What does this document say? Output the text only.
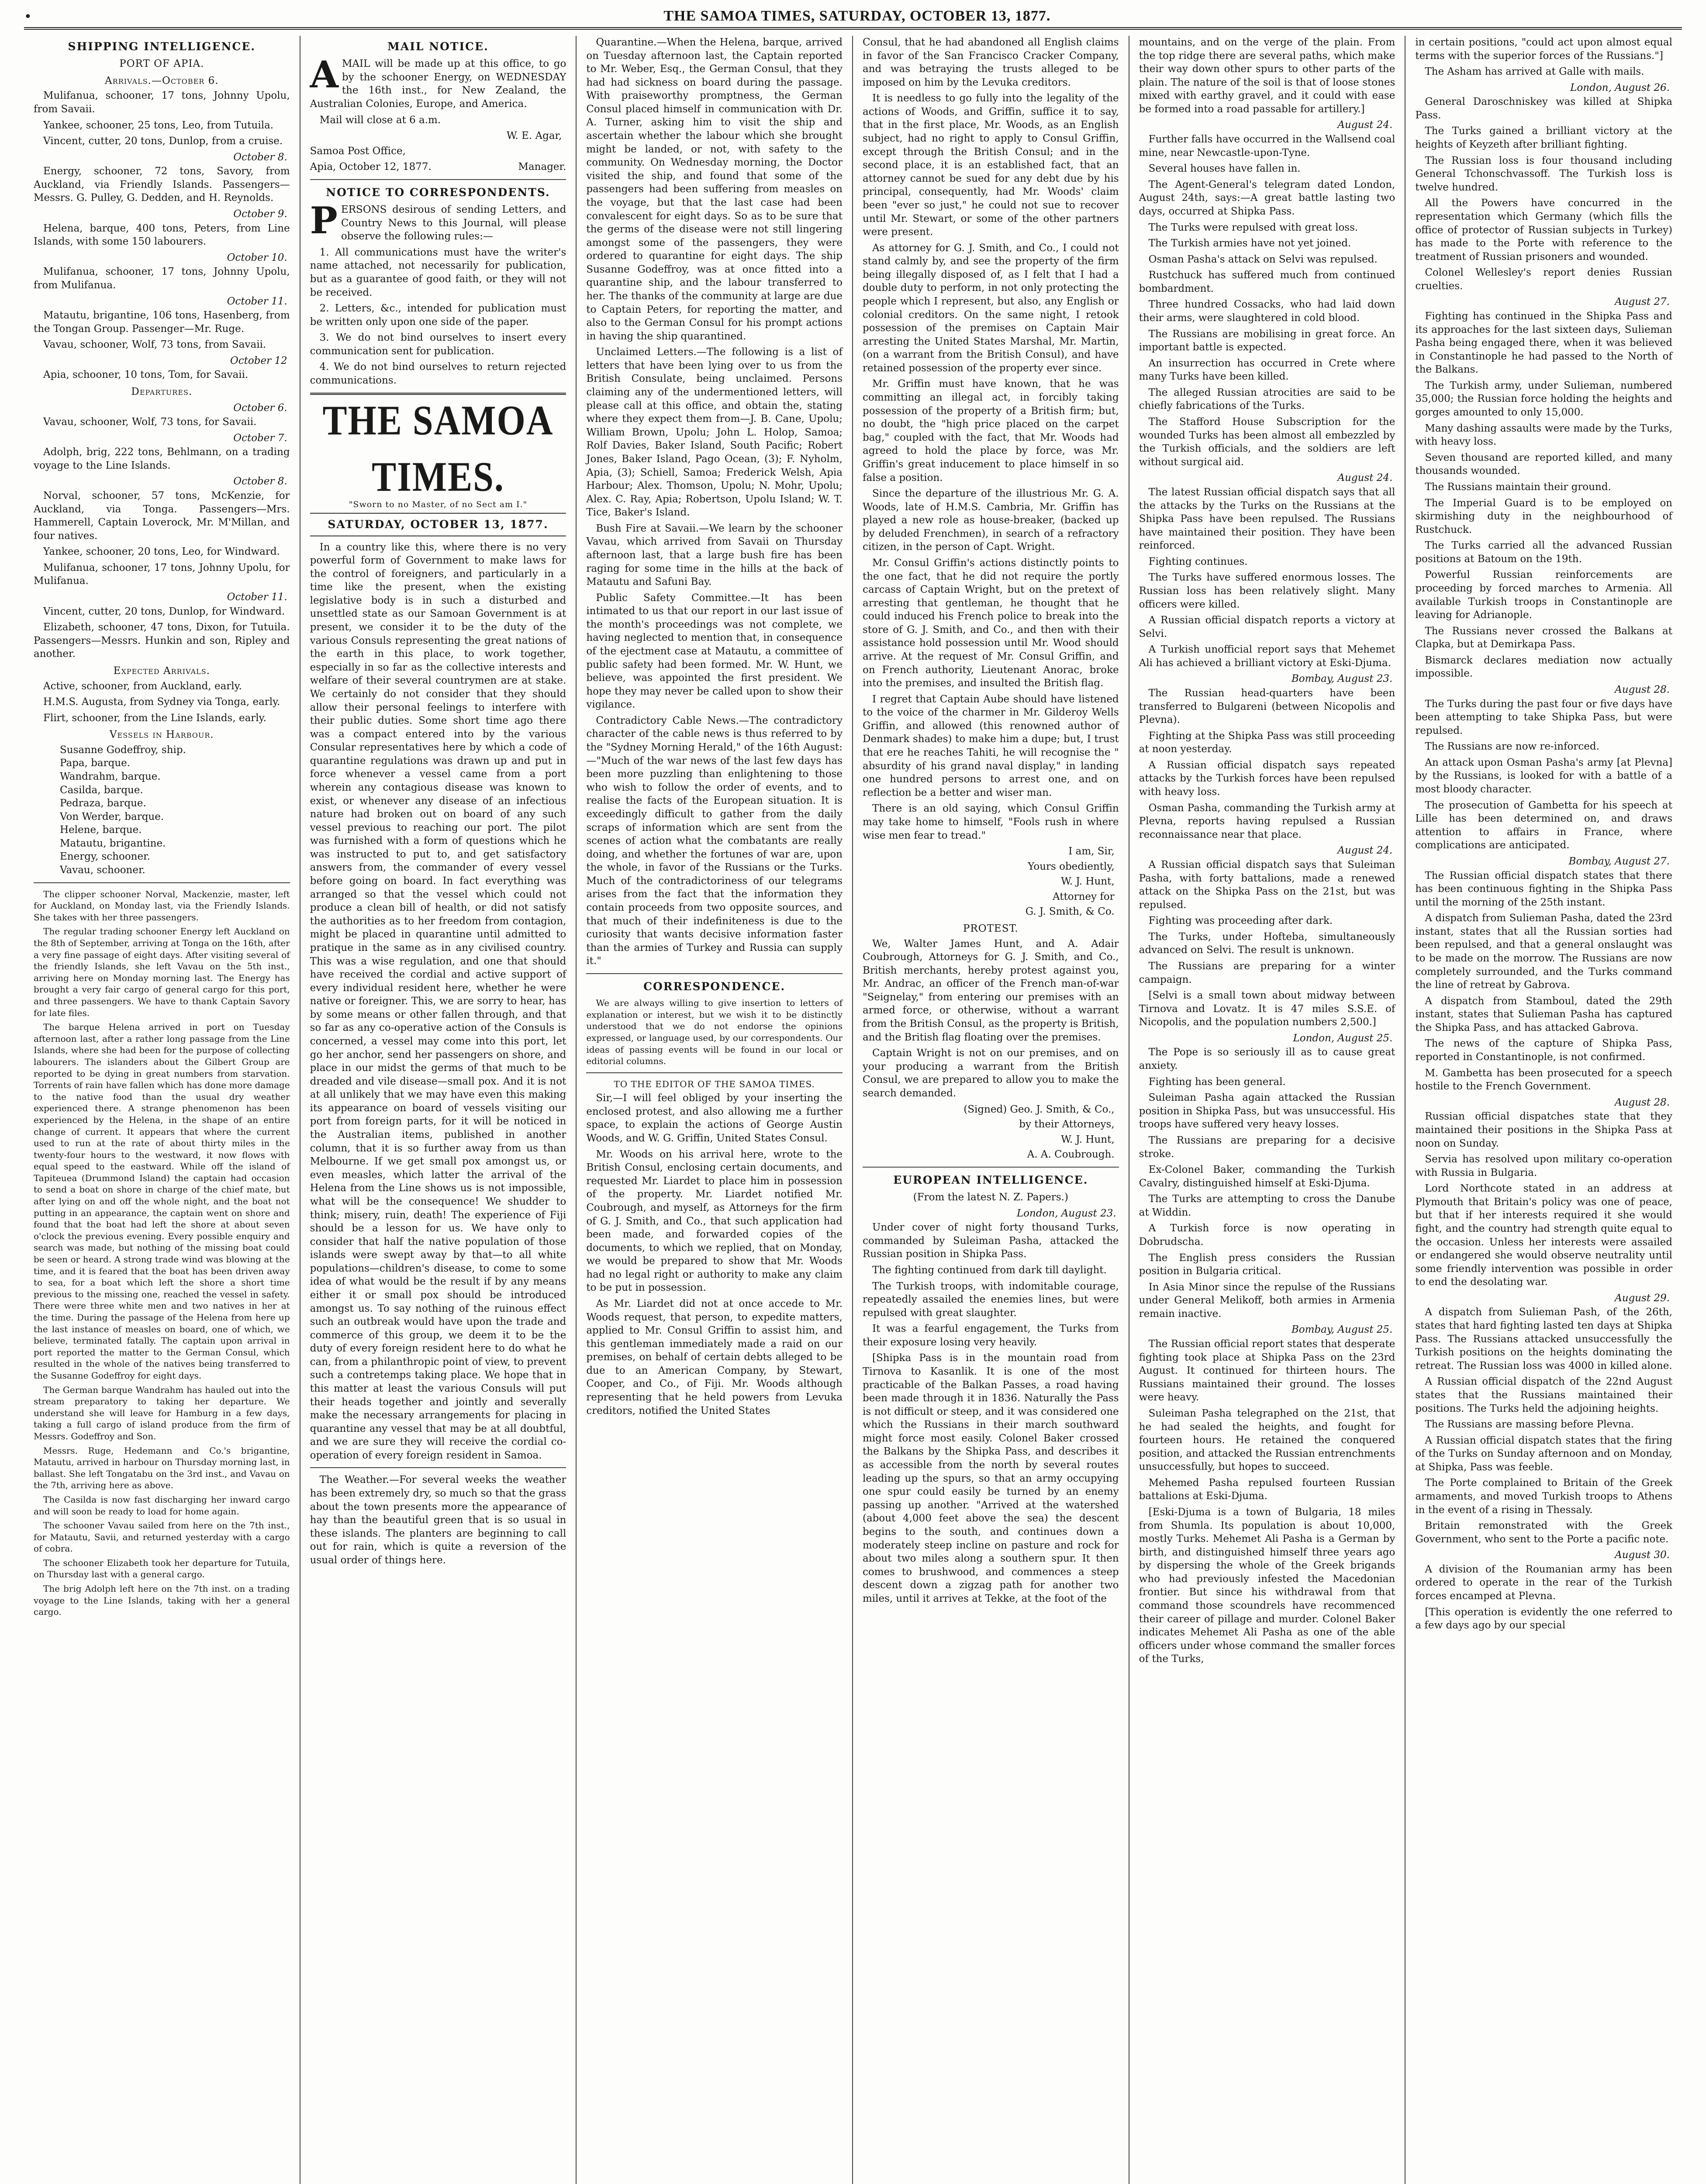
•	THE SAMOA TIMES, SATURDAY, OCTOBER 13, 1877.
SHIPPING INTELLIGENCE.
PORT OF APIA.
Arrivals.—October 6.

Mulifanua, schooner, 17 tons, Johnny Upolu, from Savaii.

Yankee, schooner, 25 tons, Leo, from Tutuila.

Vincent, cutter, 20 tons, Dunlop, from a cruise.

October 8.

Energy, schooner, 72 tons, Savory, from Auckland, via Friendly Islands. Passengers—Messrs. G. Pulley, G. Dedden, and H. Reynolds.

October 9.

Helena, barque, 400 tons, Peters, from Line Islands, with some 150 labourers.

October 10.

Mulifanua, schooner, 17 tons, Johnny Upolu, from Mulifanua.

October 11.

Matautu, brigantine, 106 tons, Hasenberg, from the Tongan Group. Passenger—Mr. Ruge.

Vavau, schooner, Wolf, 73 tons, from Savaii.

October 12

Apia, schooner, 10 tons, Tom, for Savaii.

Departures.
October 6.

Vavau, schooner, Wolf, 73 tons, for Savaii.

October 7.

Adolph, brig, 222 tons, Behlmann, on a trading voyage to the Line Islands.

October 8.

Norval, schooner, 57 tons, McKenzie, for Auckland, via Tonga. Passengers—Mrs. Hammerell, Captain Loverock, Mr. M'Millan, and four natives.

Yankee, schooner, 20 tons, Leo, for Windward.

Mulifanua, schooner, 17 tons, Johnny Upolu, for Mulifanua.

October 11.

Vincent, cutter, 20 tons, Dunlop, for Windward.

Elizabeth, schooner, 47 tons, Dixon, for Tutuila. Passengers—Messrs. Hunkin and son, Ripley and another.

Expected Arrivals.

Active, schooner, from Auckland, early.

H.M.S. Augusta, from Sydney via Tonga, early.

Flirt, schooner, from the Line Islands, early.

Vessels in Harbour.
Susanne Godeffroy, ship.
Papa, barque.
Wandrahm, barque.
Casilda, barque.
Pedraza, barque.
Von Werder, barque.
Helene, barque.
Matautu, brigantine.
Energy, schooner.
Vavau, schooner.

The clipper schooner Norval, Mackenzie, master, left for Auckland, on Monday last, via the Friendly Islands. She takes with her three passengers.

The regular trading schooner Energy left Auckland on the 8th of September, arriving at Tonga on the 16th, after a very fine passage of eight days. After visiting several of the friendly Islands, she left Vavau on the 5th inst., arriving here on Monday morning last. The Energy has brought a very fair cargo of general cargo for this port, and three passengers. We have to thank Captain Savory for late files.

The barque Helena arrived in port on Tuesday afternoon last, after a rather long passage from the Line Islands, where she had been for the purpose of collecting labourers. The islanders about the Gilbert Group are reported to be dying in great numbers from starvation. Torrents of rain have fallen which has done more damage to the native food than the usual dry weather experienced there. A strange phenomenon has been experienced by the Helena, in the shape of an entire change of current. It appears that where the current used to run at the rate of about thirty miles in the twenty-four hours to the westward, it now flows with equal speed to the eastward. While off the island of Tapiteuea (Drummond Island) the captain had occasion to send a boat on shore in charge of the chief mate, but after lying on and off the whole night, and the boat not putting in an appearance, the captain went on shore and found that the boat had left the shore at about seven o'clock the previous evening. Every possible enquiry and search was made, but nothing of the missing boat could be seen or heard. A strong trade wind was blowing at the time, and it is feared that the boat has been driven away to sea, for a boat which left the shore a short time previous to the missing one, reached the vessel in safety. There were three white men and two natives in her at the time. During the passage of the Helena from here up the last instance of measles on board, one of which, we believe, terminated fatally. The captain upon arrival in port reported the matter to the German Consul, which resulted in the whole of the natives being transferred to the Susanne Godeffroy for eight days.

The German barque Wandrahm has hauled out into the stream preparatory to taking her departure. We understand she will leave for Hamburg in a few days, taking a full cargo of island produce from the firm of Messrs. Godeffroy and Son.

Messrs. Ruge, Hedemann and Co.'s brigantine, Matautu, arrived in harbour on Thursday morning last, in ballast. She left Tongatabu on the 3rd inst., and Vavau on the 7th, arriving here as above.

The Casilda is now fast discharging her inward cargo and will soon be ready to load for home again.

The schooner Vavau sailed from here on the 7th inst., for Matautu, Savii, and returned yesterday with a cargo of cobra.

The schooner Elizabeth took her departure for Tutuila, on Thursday last with a general cargo.

The brig Adolph left here on the 7th inst. on a trading voyage to the Line Islands, taking with her a general cargo.

MAIL NOTICE.

AMAIL will be made up at this office, to go by the schooner Energy, on WEDNESDAY the 16th inst., for New Zealand, the Australian Colonies, Europe, and America.

Mail will close at 6 a.m.

W. E. Agar,

Samoa Post Office,

Apia, October 12, 1877.	Manager.

NOTICE TO CORRESPONDENTS.

PERSONS desirous of sending Letters, and Country News to this Journal, will please observe the following rules:—

1. All communications must have the writer's name attached, not necessarily for publication, but as a guarantee of good faith, or they will not be received.

2. Letters, &c., intended for publication must be written only upon one side of the paper.

3. We do not bind ourselves to insert every communication sent for publication.

4. We do not bind ourselves to return rejected communications.

THE SAMOA TIMES.
"Sworn to no Master, of no Sect am I."
SATURDAY, OCTOBER 13, 1877.

In a country like this, where there is no very powerful form of Government to make laws for the control of foreigners, and particularly in a time like the present, when the existing legislative body is in such a disturbed and unsettled state as our Samoan Government is at present, we consider it to be the duty of the various Consuls representing the great nations of the earth in this place, to work together, especially in so far as the collective interests and welfare of their several countrymen are at stake. We certainly do not consider that they should allow their personal feelings to interfere with their public duties. Some short time ago there was a compact entered into by the various Consular representatives here by which a code of quarantine regulations was drawn up and put in force whenever a vessel came from a port wherein any contagious disease was known to exist, or whenever any disease of an infectious nature had broken out on board of any such vessel previous to reaching our port. The pilot was furnished with a form of questions which he was instructed to put to, and get satisfactory answers from, the commander of every vessel before going on board. In fact everything was arranged so that the vessel which could not produce a clean bill of health, or did not satisfy the authorities as to her freedom from contagion, might be placed in quarantine until admitted to pratique in the same as in any civilised country. This was a wise regulation, and one that should have received the cordial and active support of every individual resident here, whether he were native or foreigner. This, we are sorry to hear, has by some means or other fallen through, and that so far as any co-operative action of the Consuls is concerned, a vessel may come into this port, let go her anchor, send her passengers on shore, and place in our midst the germs of that much to be dreaded and vile disease—small pox. And it is not at all unlikely that we may have even this making its appearance on board of vessels visiting our port from foreign parts, for it will be noticed in the Australian items, published in another column, that it is so further away from us than Melbourne. If we get small pox amongst us, or even measles, which latter the arrival of the Helena from the Line shows us is not impossible, what will be the consequence! We shudder to think; misery, ruin, death! The experience of Fiji should be a lesson for us. We have only to consider that half the native population of those islands were swept away by that—to all white populations—children's disease, to come to some idea of what would be the result if by any means either it or small pox should be introduced amongst us. To say nothing of the ruinous effect such an outbreak would have upon the trade and commerce of this group, we deem it to be the duty of every foreign resident here to do what he can, from a philanthropic point of view, to prevent such a contretemps taking place. We hope that in this matter at least the various Consuls will put their heads together and jointly and severally make the necessary arrangements for placing in quarantine any vessel that may be at all doubtful, and we are sure they will receive the cordial co-operation of every foreign resident in Samoa.

The Weather.—For several weeks the weather has been extremely dry, so much so that the grass about the town presents more the appearance of hay than the beautiful green that is so usual in these islands. The planters are beginning to call out for rain, which is quite a reversion of the usual order of things here.

Quarantine.—When the Helena, barque, arrived on Tuesday afternoon last, the Captain reported to Mr. Weber, Esq., the German Consul, that they had had sickness on board during the passage. With praiseworthy promptness, the German Consul placed himself in communication with Dr. A. Turner, asking him to visit the ship and ascertain whether the labour which she brought might be landed, or not, with safety to the community. On Wednesday morning, the Doctor visited the ship, and found that some of the passengers had been suffering from measles on the voyage, but that the last case had been convalescent for eight days. So as to be sure that the germs of the disease were not still lingering amongst some of the passengers, they were ordered to quarantine for eight days. The ship Susanne Godeffroy, was at once fitted into a quarantine ship, and the labour transferred to her. The thanks of the community at large are due to Captain Peters, for reporting the matter, and also to the German Consul for his prompt actions in having the ship quarantined.

Unclaimed Letters.—The following is a list of letters that have been lying over to us from the British Consulate, being unclaimed. Persons claiming any of the undermentioned letters, will please call at this office, and obtain the, stating where they expect them from—J. B. Cane, Upolu; William Brown, Upolu; John L. Holop, Samoa; Rolf Davies, Baker Island, South Pacific; Robert Jones, Baker Island, Pago Ocean, (3); F. Nyholm, Apia, (3); Schiell, Samoa; Frederick Welsh, Apia Harbour; Alex. Thomson, Upolu; N. Mohr, Upolu; Alex. C. Ray, Apia; Robertson, Upolu Island; W. T. Tice, Baker's Island.

Bush Fire at Savaii.—We learn by the schooner Vavau, which arrived from Savaii on Thursday afternoon last, that a large bush fire has been raging for some time in the hills at the back of Matautu and Safuni Bay.

Public Safety Committee.—It has been intimated to us that our report in our last issue of the month's proceedings was not complete, we having neglected to mention that, in consequence of the ejectment case at Matautu, a committee of public safety had been formed. Mr. W. Hunt, we believe, was appointed the first president. We hope they may never be called upon to show their vigilance.

Contradictory Cable News.—The contradictory character of the cable news is thus referred to by the "Sydney Morning Herald," of the 16th August:—"Much of the war news of the last few days has been more puzzling than enlightening to those who wish to follow the order of events, and to realise the facts of the European situation. It is exceedingly difficult to gather from the daily scraps of information which are sent from the scenes of action what the combatants are really doing, and whether the fortunes of war are, upon the whole, in favor of the Russians or the Turks. Much of the contradictoriness of our telegrams arises from the fact that the information they contain proceeds from two opposite sources, and that much of their indefiniteness is due to the curiosity that wants decisive information faster than the armies of Turkey and Russia can supply it."

CORRESPONDENCE.

We are always willing to give insertion to letters of explanation or interest, but we wish it to be distinctly understood that we do not endorse the opinions expressed, or language used, by our correspondents. Our ideas of passing events will be found in our local or editorial columns.

TO THE EDITOR OF THE SAMOA TIMES.

Sir,—I will feel obliged by your inserting the enclosed protest, and also allowing me a further space, to explain the actions of George Austin Woods, and W. G. Griffin, United States Consul.

Mr. Woods on his arrival here, wrote to the British Consul, enclosing certain documents, and requested Mr. Liardet to place him in possession of the property. Mr. Liardet notified Mr. Coubrough, and myself, as Attorneys for the firm of G. J. Smith, and Co., that such application had been made, and forwarded copies of the documents, to which we replied, that on Monday, we would be prepared to show that Mr. Woods had no legal right or authority to make any claim to be put in possession.

As Mr. Liardet did not at once accede to Mr. Woods request, that person, to expedite matters, applied to Mr. Consul Griffin to assist him, and this gentleman immediately made a raid on our premises, on behalf of certain debts alleged to be due to an American Company, by Stewart, Cooper, and Co., of Fiji. Mr. Woods although representing that he held powers from Levuka creditors, notified the United States

Consul, that he had abandoned all English claims in favor of the San Francisco Cracker Company, and was betraying the trusts alleged to be imposed on him by the Levuka creditors.

It is needless to go fully into the legality of the actions of Woods, and Griffin, suffice it to say, that in the first place, Mr. Woods, as an English subject, had no right to apply to Consul Griffin, except through the British Consul; and in the second place, it is an established fact, that an attorney cannot be sued for any debt due by his principal, consequently, had Mr. Woods' claim been "ever so just," he could not sue to recover until Mr. Stewart, or some of the other partners were present.

As attorney for G. J. Smith, and Co., I could not stand calmly by, and see the property of the firm being illegally disposed of, as I felt that I had a double duty to perform, in not only protecting the people which I represent, but also, any English or colonial creditors. On the same night, I retook possession of the premises on Captain Mair arresting the United States Marshal, Mr. Martin, (on a warrant from the British Consul), and have retained possession of the property ever since.

Mr. Griffin must have known, that he was committing an illegal act, in forcibly taking possession of the property of a British firm; but, no doubt, the "high price placed on the carpet bag," coupled with the fact, that Mr. Woods had agreed to hold the place by force, was Mr. Griffin's great inducement to place himself in so false a position.

Since the departure of the illustrious Mr. G. A. Woods, late of H.M.S. Cambria, Mr. Griffin has played a new role as house-breaker, (backed up by deluded Frenchmen), in search of a refractory citizen, in the person of Capt. Wright.

Mr. Consul Griffin's actions distinctly points to the one fact, that he did not require the portly carcass of Captain Wright, but on the pretext of arresting that gentleman, he thought that he could induced his French police to break into the store of G. J. Smith, and Co., and then with their assistance hold possession until Mr. Wood should arrive. At the request of Mr. Consul Griffin, and on French authority, Lieutenant Anorac, broke into the premises, and insulted the British flag.

I regret that Captain Aube should have listened to the voice of the charmer in Mr. Gilderoy Wells Griffin, and allowed (this renowned author of Denmark shades) to make him a dupe; but, I trust that ere he reaches Tahiti, he will recognise the " absurdity of his grand naval display," in landing one hundred persons to arrest one, and on reflection be a better and wiser man.

There is an old saying, which Consul Griffin may take home to himself, "Fools rush in where wise men fear to tread."

I am, Sir,
Yours obediently,
W. J. Hunt,
Attorney for
G. J. Smith, & Co.
PROTEST.

We, Walter James Hunt, and A. Adair Coubrough, Attorneys for G. J. Smith, and Co., British merchants, hereby protest against you, Mr. Andrac, an officer of the French man-of-war "Seignelay," from entering our premises with an armed force, or otherwise, without a warrant from the British Consul, as the property is British, and the British flag floating over the premises.

Captain Wright is not on our premises, and on your producing a warrant from the British Consul, we are prepared to allow you to make the search demanded.

(Signed) Geo. J. Smith, & Co.,
by their Attorneys,
W. J. Hunt,
A. A. Coubrough.
EUROPEAN INTELLIGENCE.
(From the latest N. Z. Papers.)
London, August 23.

Under cover of night forty thousand Turks, commanded by Suleiman Pasha, attacked the Russian position in Shipka Pass.

The fighting continued from dark till daylight.

The Turkish troops, with indomitable courage, repeatedly assailed the enemies lines, but were repulsed with great slaughter.

It was a fearful engagement, the Turks from their exposure losing very heavily.

[Shipka Pass is in the mountain road from Tirnova to Kasanlik. It is one of the most practicable of the Balkan Passes, a road having been made through it in 1836. Naturally the Pass is not difficult or steep, and it was considered one which the Russians in their march southward might force most easily. Colonel Baker crossed the Balkans by the Shipka Pass, and describes it as accessible from the north by several routes leading up the spurs, so that an army occupying one spur could easily be turned by an enemy passing up another. "Arrived at the watershed (about 4,000 feet above the sea) the descent begins to the south, and continues down a moderately steep incline on pasture and rock for about two miles along a southern spur. It then comes to brushwood, and commences a steep descent down a zigzag path for another two miles, until it arrives at Tekke, at the foot of the

mountains, and on the verge of the plain. From the top ridge there are several paths, which make their way down other spurs to other parts of the plain. The nature of the soil is that of loose stones mixed with earthy gravel, and it could with ease be formed into a road passable for artillery.]

August 24.

Further falls have occurred in the Wallsend coal mine, near Newcastle-upon-Tyne.

Several houses have fallen in.

The Agent-General's telegram dated London, August 24th, says:—A great battle lasting two days, occurred at Shipka Pass.

The Turks were repulsed with great loss.

The Turkish armies have not yet joined.

Osman Pasha's attack on Selvi was repulsed.

Rustchuck has suffered much from continued bombardment.

Three hundred Cossacks, who had laid down their arms, were slaughtered in cold blood.

The Russians are mobilising in great force. An important battle is expected.

An insurrection has occurred in Crete where many Turks have been killed.

The alleged Russian atrocities are said to be chiefly fabrications of the Turks.

The Stafford House Subscription for the wounded Turks has been almost all embezzled by the Turkish officials, and the soldiers are left without surgical aid.

August 24.

The latest Russian official dispatch says that all the attacks by the Turks on the Russians at the Shipka Pass have been repulsed. The Russians have maintained their position. They have been reinforced.

Fighting continues.

The Turks have suffered enormous losses. The Russian loss has been relatively slight. Many officers were killed.

A Russian official dispatch reports a victory at Selvi.

A Turkish unofficial report says that Mehemet Ali has achieved a brilliant victory at Eski-Djuma.

Bombay, August 23.

The Russian head-quarters have been transferred to Bulgareni (between Nicopolis and Plevna).

Fighting at the Shipka Pass was still proceeding at noon yesterday.

A Russian official dispatch says repeated attacks by the Turkish forces have been repulsed with heavy loss.

Osman Pasha, commanding the Turkish army at Plevna, reports having repulsed a Russian reconnaissance near that place.

August 24.

A Russian official dispatch says that Suleiman Pasha, with forty battalions, made a renewed attack on the Shipka Pass on the 21st, but was repulsed.

Fighting was proceeding after dark.

The Turks, under Hofteba, simultaneously advanced on Selvi. The result is unknown.

The Russians are preparing for a winter campaign.

[Selvi is a small town about midway between Tirnova and Lovatz. It is 47 miles S.S.E. of Nicopolis, and the population numbers 2,500.]

London, August 25.

The Pope is so seriously ill as to cause great anxiety.

Fighting has been general.

Suleiman Pasha again attacked the Russian position in Shipka Pass, but was unsuccessful. His troops have suffered very heavy losses.

The Russians are preparing for a decisive stroke.

Ex-Colonel Baker, commanding the Turkish Cavalry, distinguished himself at Eski-Djuma.

The Turks are attempting to cross the Danube at Widdin.

A Turkish force is now operating in Dobrudscha.

The English press considers the Russian position in Bulgaria critical.

In Asia Minor since the repulse of the Russians under General Melikoff, both armies in Armenia remain inactive.

Bombay, August 25.

The Russian official report states that desperate fighting took place at Shipka Pass on the 23rd August. It continued for thirteen hours. The Russians maintained their ground. The losses were heavy.

Suleiman Pasha telegraphed on the 21st, that he had sealed the heights, and fought for fourteen hours. He retained the conquered position, and attacked the Russian entrenchments unsuccessfully, but hopes to succeed.

Mehemed Pasha repulsed fourteen Russian battalions at Eski-Djuma.

[Eski-Djuma is a town of Bulgaria, 18 miles from Shumla. Its population is about 10,000, mostly Turks. Mehemet Ali Pasha is a German by birth, and distinguished himself three years ago by dispersing the whole of the Greek brigands who had previously infested the Macedonian frontier. But since his withdrawal from that command those scoundrels have recommenced their career of pillage and murder. Colonel Baker indicates Mehemet Ali Pasha as one of the able officers under whose command the smaller forces of the Turks,

in certain positions, "could act upon almost equal terms with the superior forces of the Russians."]

The Asham has arrived at Galle with mails.

London, August 26.

General Daroschniskey was killed at Shipka Pass.

The Turks gained a brilliant victory at the heights of Keyzeth after brilliant fighting.

The Russian loss is four thousand including General Tchonschvassoff. The Turkish loss is twelve hundred.

All the Powers have concurred in the representation which Germany (which fills the office of protector of Russian subjects in Turkey) has made to the Porte with reference to the treatment of Russian prisoners and wounded.

Colonel Wellesley's report denies Russian cruelties.

August 27.

Fighting has continued in the Shipka Pass and its approaches for the last sixteen days, Sulieman Pasha being engaged there, when it was believed in Constantinople he had passed to the North of the Balkans.

The Turkish army, under Sulieman, numbered 35,000; the Russian force holding the heights and gorges amounted to only 15,000.

Many dashing assaults were made by the Turks, with heavy loss.

Seven thousand are reported killed, and many thousands wounded.

The Russians maintain their ground.

The Imperial Guard is to be employed on skirmishing duty in the neighbourhood of Rustchuck.

The Turks carried all the advanced Russian positions at Batoum on the 19th.

Powerful Russian reinforcements are proceeding by forced marches to Armenia. All available Turkish troops in Constantinople are leaving for Adrianople.

The Russians never crossed the Balkans at Clapka, but at Demirkapa Pass.

Bismarck declares mediation now actually impossible.

August 28.

The Turks during the past four or five days have been attempting to take Shipka Pass, but were repulsed.

The Russians are now re-inforced.

An attack upon Osman Pasha's army [at Plevna] by the Russians, is looked for with a battle of a most bloody character.

The prosecution of Gambetta for his speech at Lille has been determined on, and draws attention to affairs in France, where complications are anticipated.

Bombay, August 27.

The Russian official dispatch states that there has been continuous fighting in the Shipka Pass until the morning of the 25th instant.

A dispatch from Sulieman Pasha, dated the 23rd instant, states that all the Russian sorties had been repulsed, and that a general onslaught was to be made on the morrow. The Russians are now completely surrounded, and the Turks command the line of retreat by Gabrova.

A dispatch from Stamboul, dated the 29th instant, states that Sulieman Pasha has captured the Shipka Pass, and has attacked Gabrova.

The news of the capture of Shipka Pass, reported in Constantinople, is not confirmed.

M. Gambetta has been prosecuted for a speech hostile to the French Government.

August 28.

Russian official dispatches state that they maintained their positions in the Shipka Pass at noon on Sunday.

Servia has resolved upon military co-operation with Russia in Bulgaria.

Lord Northcote stated in an address at Plymouth that Britain's policy was one of peace, but that if her interests required it she would fight, and the country had strength quite equal to the occasion. Unless her interests were assailed or endangered she would observe neutrality until some friendly intervention was possible in order to end the desolating war.

August 29.

A dispatch from Sulieman Pash, of the 26th, states that hard fighting lasted ten days at Shipka Pass. The Russians attacked unsuccessfully the Turkish positions on the heights dominating the retreat. The Russian loss was 4000 in killed alone.

A Russian official dispatch of the 22nd August states that the Russians maintained their positions. The Turks held the adjoining heights.

The Russians are massing before Plevna.

A Russian official dispatch states that the firing of the Turks on Sunday afternoon and on Monday, at Shipka, Pass was feeble.

The Porte complained to Britain of the Greek armaments, and moved Turkish troops to Athens in the event of a rising in Thessaly.

Britain remonstrated with the Greek Government, who sent to the Porte a pacific note.

August 30.

A division of the Roumanian army has been ordered to operate in the rear of the Turkish forces encamped at Plevna.

[This operation is evidently the one referred to a few days ago by our special
